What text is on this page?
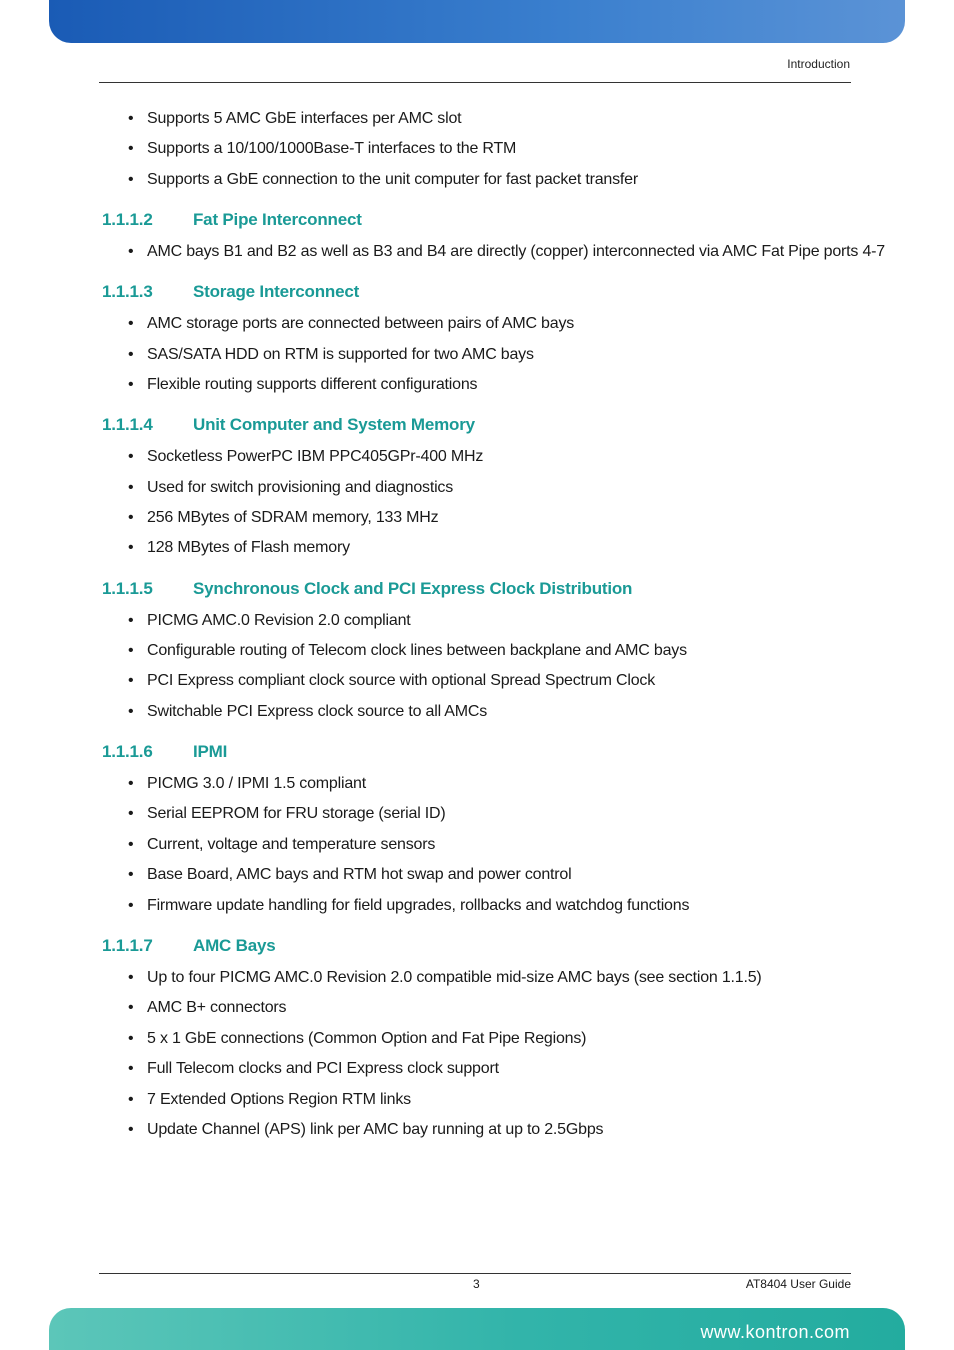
Introduction
• Supports 5 AMC GbE interfaces per AMC slot
• Supports a 10/100/1000Base-T interfaces to the RTM
• Supports a GbE connection to the unit computer for fast packet transfer
1.1.1.2 Fat Pipe Interconnect
• AMC bays B1 and B2 as well as B3 and B4 are directly (copper) interconnected via AMC Fat Pipe ports 4-7
1.1.1.3 Storage Interconnect
• AMC storage ports are connected between pairs of AMC bays
• SAS/SATA HDD on RTM is supported for two AMC bays
• Flexible routing supports different configurations
1.1.1.4 Unit Computer and System Memory
• Socketless PowerPC IBM PPC405GPr-400 MHz
• Used for switch provisioning and diagnostics
• 256 MBytes of SDRAM memory, 133 MHz
• 128 MBytes of Flash memory
1.1.1.5 Synchronous Clock and PCI Express Clock Distribution
• PICMG AMC.0 Revision 2.0 compliant
• Configurable routing of Telecom clock lines between backplane and AMC bays
• PCI Express compliant clock source with optional Spread Spectrum Clock
• Switchable PCI Express clock source to all AMCs
1.1.1.6 IPMI
• PICMG 3.0 / IPMI 1.5 compliant
• Serial EEPROM for FRU storage (serial ID)
• Current, voltage and temperature sensors
• Base Board, AMC bays and RTM hot swap and power control
• Firmware update handling for field upgrades, rollbacks and watchdog functions
1.1.1.7 AMC Bays
• Up to four PICMG AMC.0 Revision 2.0 compatible mid-size AMC bays (see section 1.1.5)
• AMC B+ connectors
• 5 x 1 GbE connections (Common Option and Fat Pipe Regions)
• Full Telecom clocks and PCI Express clock support
• 7 Extended Options Region RTM links
• Update Channel (APS) link per AMC bay running at up to 2.5Gbps
3	AT8404 User Guide
www.kontron.com
